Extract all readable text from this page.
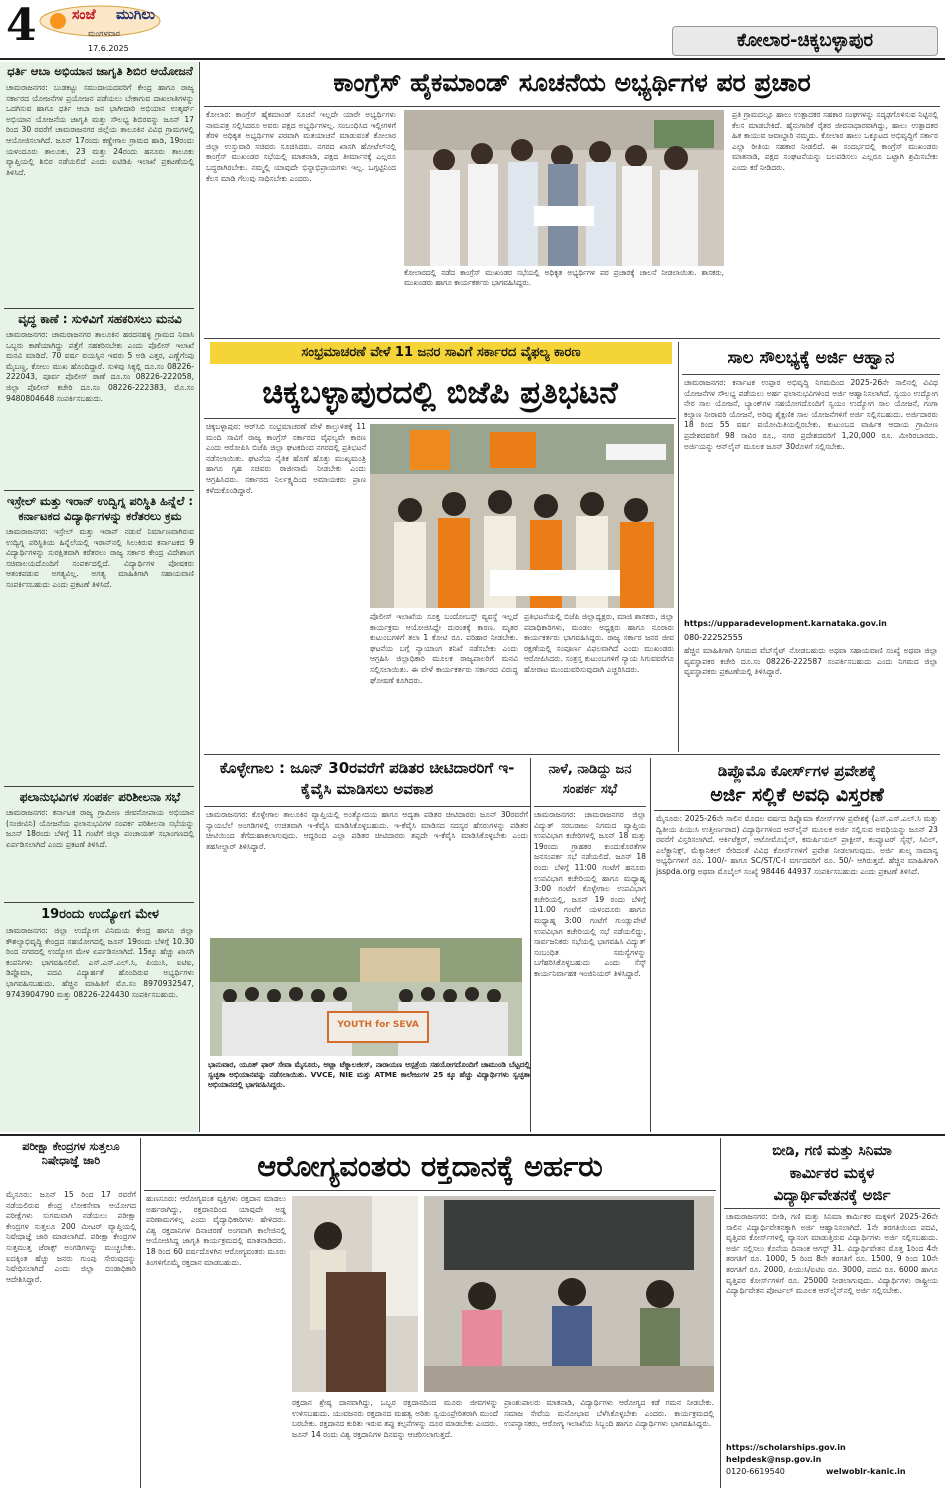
4	ಸಂಜೆ ಮುಗಿಲು
ಮಂಗಳವಾರ
17.6.2025	ಕೋಲಾರ-ಚಿಕ್ಕಬಳ್ಳಾಪುರ
ಧರ್ತಿ ಆಬಾ ಅಭಿಯಾನ ಜಾಗೃತಿ ಶಿಬಿರ ಆಯೋಜನೆ
ಚಾಮರಾಜನಗರ: ಬುಡಕಟ್ಟು ಸಮುದಾಯದವರಿಗೆ ಕೇಂದ್ರ ಹಾಗೂ ರಾಜ್ಯ ಸರ್ಕಾರದ ಯೋಜನೆಗಳ ಪ್ರಯೋಜನ ಪಡೆಯಲು ಬೇಕಾಗುವ ದಾಖಲಾತಿಗಳನ್ನು ಒದಗಿಸುವ ಹಾಗೂ ಧರ್ತಿ ಆಬಾ ಜನ ಭಾಗೀದಾರಿ ಅಭಿಯಾನ ಉತ್ಕರ್ಷ್ ಅಭಿಯಾನ ಯೋಜನೆಯ ಜಾಗೃತಿ ಮತ್ತು ಸೌಲಭ್ಯ ಶಿಬಿರವನ್ನು ಜೂನ್ 17 ರಿಂದ 30 ರವರೆಗೆ ಚಾಮರಾಜನಗರ ಜಿಲ್ಲೆಯ ತಾಲೂಕಿನ ವಿವಿಧ ಗ್ರಾಮಗಳಲ್ಲಿ ಆಯೋಜಿಸಲಾಗಿದೆ. ಜೂನ್ 17ರಂದು ಕಣ್ಣೇಗಾಲ ಗ್ರಾಮದ ಹಾಡಿ, 19ರಂದು ಯಳಂದೂರು ತಾಲೂಕು, 23 ಮತ್ತು 24ರಂದು ಹನೂರು ತಾಲೂಕು ವ್ಯಾಪ್ತಿಯಲ್ಲಿ ಶಿಬಿರ ನಡೆಯಲಿದೆ ಎಂದು ಐಟಿಡಿಪಿ ಇಲಾಖೆ ಪ್ರಕಟಣೆಯಲ್ಲಿ ತಿಳಿಸಿದೆ.
ವೃದ್ಧ ಕಾಣೆ : ಸುಳಿವಿಗೆ ಸಹಕರಿಸಲು ಮನವಿ
ಚಾಮರಾಜನಗರ: ಚಾಮರಾಜನಗರ ತಾಲೂಕಿನ ಹರದನಹಳ್ಳಿ ಗ್ರಾಮದ ನಿವಾಸಿ ಒಬ್ಬರು ಕಾಣೆಯಾಗಿದ್ದು ಪತ್ತೆಗೆ ಸಹಕರಿಸಬೇಕು ಎಂದು ಪೊಲೀಸ್ ಇಲಾಖೆ ಮನವಿ ಮಾಡಿದೆ. 70 ವರ್ಷ ವಯಸ್ಸಿನ ಇವರು 5 ಅಡಿ ಎತ್ತರ, ಎಣ್ಣೆಗೆಂಪು ಮೈಬಣ್ಣ, ಕೋಲು ಮುಖ ಹೊಂದಿದ್ದಾರೆ. ಸುಳಿವು ಸಿಕ್ಕಲ್ಲಿ ದೂ.ಸಂ 08226-222043, ಪೂರ್ವ ಪೊಲೀಸ್ ಠಾಣೆ ದೂ.ಸಂ 08226-222058, ಜಿಲ್ಲಾ ಪೊಲೀಸ್ ಕಚೇರಿ ದೂ.ಸಂ 08226-222383, ಮೊ.ಸಂ 9480804648 ಸಂಪರ್ಕಿಸಬಹುದು.
ಇಸ್ರೇಲ್ ಮತ್ತು ಇರಾನ್ ಉದ್ವಿಗ್ನ ಪರಿಸ್ಥಿತಿ ಹಿನ್ನೆಲೆ : ಕರ್ನಾಟಕದ ವಿದ್ಯಾರ್ಥಿಗಳನ್ನು ಕರೆತರಲು ಕ್ರಮ
ಚಾಮರಾಜನಗರ: ಇಸ್ರೇಲ್ ಮತ್ತು ಇರಾನ್ ನಡುವೆ ನಿರ್ಮಾಣವಾಗಿರುವ ಉದ್ವಿಗ್ನ ಪರಿಸ್ಥಿತಿಯ ಹಿನ್ನೆಲೆಯಲ್ಲಿ ಇರಾನ್‌ನಲ್ಲಿ ಸಿಲುಕಿರುವ ಕರ್ನಾಟಕದ 9 ವಿದ್ಯಾರ್ಥಿಗಳನ್ನು ಸುರಕ್ಷಿತವಾಗಿ ಕರೆತರಲು ರಾಜ್ಯ ಸರ್ಕಾರ ಕೇಂದ್ರ ವಿದೇಶಾಂಗ ಸಚಿವಾಲಯದೊಂದಿಗೆ ಸಂಪರ್ಕದಲ್ಲಿದೆ. ವಿದ್ಯಾರ್ಥಿಗಳ ಪೋಷಕರು ಆತಂಕಪಡುವ ಅಗತ್ಯವಿಲ್ಲ. ಅಗತ್ಯ ಮಾಹಿತಿಗಾಗಿ ಸಹಾಯವಾಣಿ ಸಂಪರ್ಕಿಸಬಹುದು ಎಂದು ಪ್ರಕಟಣೆ ತಿಳಿಸಿದೆ.
ಫಲಾನುಭವಿಗಳ ಸಂಪರ್ಕ ಪರಿಶೀಲನಾ ಸಭೆ
ಚಾಮರಾಜನಗರ: ಕರ್ನಾಟಕ ರಾಜ್ಯ ಗ್ರಾಮೀಣ ಜೀವನೋಪಾಯ ಅಭಿಯಾನ (ಸಂಜೀವಿನಿ) ಯೋಜನೆಯ ಫಲಾನುಭವಿಗಳ ಸಂಪರ್ಕ ಪರಿಶೀಲನಾ ಸಭೆಯನ್ನು ಜೂನ್ 18ರಂದು ಬೆಳಿಗ್ಗೆ 11 ಗಂಟೆಗೆ ಜಿಲ್ಲಾ ಪಂಚಾಯತ್ ಸಭಾಂಗಣದಲ್ಲಿ ಏರ್ಪಡಿಸಲಾಗಿದೆ ಎಂದು ಪ್ರಕಟಣೆ ತಿಳಿಸಿದೆ.
19ರಂದು ಉದ್ಯೋಗ ಮೇಳ
ಚಾಮರಾಜನಗರ: ಜಿಲ್ಲಾ ಉದ್ಯೋಗ ವಿನಿಮಯ ಕೇಂದ್ರ ಹಾಗೂ ಜಿಲ್ಲಾ ಕೌಶಲ್ಯಾಭಿವೃದ್ಧಿ ಕೇಂದ್ರದ ಸಹಯೋಗದಲ್ಲಿ ಜೂನ್ 19ರಂದು ಬೆಳಿಗ್ಗೆ 10.30 ರಿಂದ ನಗರದಲ್ಲಿ ಉದ್ಯೋಗ ಮೇಳ ಏರ್ಪಡಿಸಲಾಗಿದೆ. 15ಕ್ಕೂ ಹೆಚ್ಚು ಖಾಸಗಿ ಕಂಪನಿಗಳು ಭಾಗವಹಿಸಲಿವೆ. ಎಸ್.ಎಸ್.ಎಲ್.ಸಿ, ಪಿಯುಸಿ, ಐಟಿಐ, ಡಿಪ್ಲೊಮಾ, ಪದವಿ ವಿದ್ಯಾರ್ಹತೆ ಹೊಂದಿರುವ ಅಭ್ಯರ್ಥಿಗಳು ಭಾಗವಹಿಸಬಹುದು. ಹೆಚ್ಚಿನ ಮಾಹಿತಿಗೆ ಮೊ.ಸಂ 8970932547, 9743904790 ಮತ್ತು 08226-224430 ಸಂಪರ್ಕಿಸಬಹುದು.
ಕಾಂಗ್ರೆಸ್ ಹೈಕಮಾಂಡ್ ಸೂಚನೆಯ ಅಭ್ಯರ್ಥಿಗಳ ಪರ ಪ್ರಚಾರ
ಕೋಲಾರ: ಕಾಂಗ್ರೆಸ್ ಹೈಕಮಾಂಡ್ ಸೂಚನೆ ಇಲ್ಲದೇ ಯಾರೇ ಅಭ್ಯರ್ಥಿಗಳು ನಾಮಪತ್ರ ಸಲ್ಲಿಸಿದರೂ ಅವರು ಪಕ್ಷದ ಅಭ್ಯರ್ಥಿಗಳಲ್ಲ. ಸಂಬಂಧಿಸಿದ ಇಲ್ಲೀಗಳಿಗೆ ತೆರಳಿ ಅಧಿಕೃತ ಅಭ್ಯರ್ಥಿಗಳ ಪರವಾಗಿ ಮತಯಾಚನೆ ಮಾಡುವಂತೆ ಕೋಲಾರ ಜಿಲ್ಲಾ ಉಸ್ತುವಾರಿ ಸಚಿವರು ಸೂಚಿಸಿದರು. ನಗರದ ಖಾಸಗಿ ಹೋಟೆಲ್‌ನಲ್ಲಿ ಕಾಂಗ್ರೆಸ್ ಮುಖಂಡರ ಸಭೆಯಲ್ಲಿ ಮಾತನಾಡಿ, ಪಕ್ಷದ ತೀರ್ಮಾನಕ್ಕೆ ಎಲ್ಲರೂ ಬದ್ಧರಾಗಿರಬೇಕು. ನಮ್ಮಲ್ಲಿ ಯಾವುದೇ ಭಿನ್ನಾಭಿಪ್ರಾಯಗಳು ಇಲ್ಲ. ಒಗ್ಗಟ್ಟಿನಿಂದ ಕೆಲಸ ಮಾಡಿ ಗೆಲುವು ಸಾಧಿಸಬೇಕು ಎಂದರು.
ಕೋಲಾರದಲ್ಲಿ ನಡೆದ ಕಾಂಗ್ರೆಸ್ ಮುಖಂಡರ ಸಭೆಯಲ್ಲಿ ಅಧಿಕೃತ ಅಭ್ಯರ್ಥಿಗಳ ಪರ ಪ್ರಚಾರಕ್ಕೆ ಚಾಲನೆ ನೀಡಲಾಯಿತು. ಶಾಸಕರು, ಮುಖಂಡರು ಹಾಗೂ ಕಾರ್ಯಕರ್ತರು ಭಾಗವಹಿಸಿದ್ದರು.
ಪ್ರತಿ ಗ್ರಾಮದಲ್ಲೂ ಹಾಲು ಉತ್ಪಾದಕರ ಸಹಕಾರ ಸಂಘಗಳನ್ನು ಸದೃಢಗೊಳಿಸುವ ನಿಟ್ಟಿನಲ್ಲಿ ಕೆಲಸ ಮಾಡಬೇಕಿದೆ. ಹೈನುಗಾರಿಕೆ ರೈತರ ಜೀವನಾಧಾರವಾಗಿದ್ದು, ಹಾಲು ಉತ್ಪಾದಕರ ಹಿತ ಕಾಯುವ ಜವಾಬ್ದಾರಿ ನಮ್ಮದು. ಕೋಲಾರ ಹಾಲು ಒಕ್ಕೂಟದ ಅಭಿವೃದ್ಧಿಗೆ ಸರ್ಕಾರ ಎಲ್ಲಾ ರೀತಿಯ ಸಹಕಾರ ನೀಡಲಿದೆ. ಈ ಸಂದರ್ಭದಲ್ಲಿ ಕಾಂಗ್ರೆಸ್ ಮುಖಂಡರು ಮಾತನಾಡಿ, ಪಕ್ಷದ ಸಂಘಟನೆಯನ್ನು ಬಲಪಡಿಸಲು ಎಲ್ಲರೂ ಒಟ್ಟಾಗಿ ಶ್ರಮಿಸಬೇಕು ಎಂದು ಕರೆ ನೀಡಿದರು.
ಸಂಭ್ರಮಾಚರಣೆ ವೇಳೆ 11 ಜನರ ಸಾವಿಗೆ ಸರ್ಕಾರದ ವೈಫಲ್ಯ ಕಾರಣ
ಚಿಕ್ಕಬಳ್ಳಾಪುರದಲ್ಲಿ ಬಿಜೆಪಿ ಪ್ರತಿಭಟನೆ
ಚಿಕ್ಕಬಳ್ಳಾಪುರ: ಆರ್‌ಸಿಬಿ ಸಂಭ್ರಮಾಚರಣೆ ವೇಳೆ ಕಾಲ್ತುಳಿತಕ್ಕೆ 11 ಮಂದಿ ಸಾವಿಗೆ ರಾಜ್ಯ ಕಾಂಗ್ರೆಸ್ ಸರ್ಕಾರದ ವೈಫಲ್ಯವೇ ಕಾರಣ ಎಂದು ಆರೋಪಿಸಿ ಬಿಜೆಪಿ ಜಿಲ್ಲಾ ಘಟಕದಿಂದ ನಗರದಲ್ಲಿ ಪ್ರತಿಭಟನೆ ನಡೆಸಲಾಯಿತು. ಘಟನೆಯ ನೈತಿಕ ಹೊಣೆ ಹೊತ್ತು ಮುಖ್ಯಮಂತ್ರಿ ಹಾಗೂ ಗೃಹ ಸಚಿವರು ರಾಜೀನಾಮೆ ನೀಡಬೇಕು ಎಂದು ಆಗ್ರಹಿಸಿದರು. ಸರ್ಕಾರದ ನಿರ್ಲಕ್ಷ್ಯದಿಂದ ಅಮಾಯಕರು ಪ್ರಾಣ ಕಳೆದುಕೊಂಡಿದ್ದಾರೆ.
ಪೊಲೀಸ್ ಇಲಾಖೆಯ ಸೂಕ್ತ ಬಂದೋಬಸ್ತ್ ವ್ಯವಸ್ಥೆ ಇಲ್ಲದೆ ಕಾರ್ಯಕ್ರಮ ಆಯೋಜಿಸಿದ್ದೇ ದುರಂತಕ್ಕೆ ಕಾರಣ. ಮೃತರ ಕುಟುಂಬಗಳಿಗೆ ತಲಾ 1 ಕೋಟಿ ರೂ. ಪರಿಹಾರ ನೀಡಬೇಕು. ಘಟನೆಯ ಬಗ್ಗೆ ನ್ಯಾಯಾಂಗ ತನಿಖೆ ನಡೆಸಬೇಕು ಎಂದು ಆಗ್ರಹಿಸಿ ಜಿಲ್ಲಾಧಿಕಾರಿ ಮೂಲಕ ರಾಜ್ಯಪಾಲರಿಗೆ ಮನವಿ ಸಲ್ಲಿಸಲಾಯಿತು. ಈ ವೇಳೆ ಕಾರ್ಯಕರ್ತರು ಸರ್ಕಾರದ ವಿರುದ್ಧ ಘೋಷಣೆ ಕೂಗಿದರು.
ಪ್ರತಿಭಟನೆಯಲ್ಲಿ ಬಿಜೆಪಿ ಜಿಲ್ಲಾಧ್ಯಕ್ಷರು, ಮಾಜಿ ಶಾಸಕರು, ಜಿಲ್ಲಾ ಪದಾಧಿಕಾರಿಗಳು, ಮಂಡಲ ಅಧ್ಯಕ್ಷರು ಹಾಗೂ ನೂರಾರು ಕಾರ್ಯಕರ್ತರು ಭಾಗವಹಿಸಿದ್ದರು. ರಾಜ್ಯ ಸರ್ಕಾರ ಜನರ ಜೀವ ರಕ್ಷಣೆಯಲ್ಲಿ ಸಂಪೂರ್ಣ ವಿಫಲವಾಗಿದೆ ಎಂದು ಮುಖಂಡರು ಆರೋಪಿಸಿದರು. ಸಂತ್ರಸ್ತ ಕುಟುಂಬಗಳಿಗೆ ನ್ಯಾಯ ಸಿಗುವವರೆಗೂ ಹೋರಾಟ ಮುಂದುವರಿಸುವುದಾಗಿ ಎಚ್ಚರಿಸಿದರು.
ಸಾಲ ಸೌಲಭ್ಯಕ್ಕೆ ಅರ್ಜಿ ಆಹ್ವಾನ
ಚಾಮರಾಜನಗರ: ಕರ್ನಾಟಕ ಉಪ್ಪಾರ ಅಭಿವೃದ್ಧಿ ನಿಗಮದಿಂದ 2025-26ನೇ ಸಾಲಿನಲ್ಲಿ ವಿವಿಧ ಯೋಜನೆಗಳ ಸೌಲಭ್ಯ ಪಡೆಯಲು ಅರ್ಹ ಫಲಾನುಭವಿಗಳಿಂದ ಅರ್ಜಿ ಆಹ್ವಾನಿಸಲಾಗಿದೆ. ಸ್ವಯಂ ಉದ್ಯೋಗ ನೇರ ಸಾಲ ಯೋಜನೆ, ಬ್ಯಾಂಕ್‌ಗಳ ಸಹಯೋಗದೊಂದಿಗೆ ಸ್ವಯಂ ಉದ್ಯೋಗ ಸಾಲ ಯೋಜನೆ, ಗಂಗಾ ಕಲ್ಯಾಣ ನೀರಾವರಿ ಯೋಜನೆ, ಅರಿವು ಶೈಕ್ಷಣಿಕ ಸಾಲ ಯೋಜನೆಗಳಿಗೆ ಅರ್ಜಿ ಸಲ್ಲಿಸಬಹುದು. ಅರ್ಜಿದಾರರು 18 ರಿಂದ 55 ವರ್ಷ ವಯೋಮಿತಿಯಲ್ಲಿರಬೇಕು. ಕುಟುಂಬದ ವಾರ್ಷಿಕ ಆದಾಯ ಗ್ರಾಮೀಣ ಪ್ರದೇಶದವರಿಗೆ 98 ಸಾವಿರ ರೂ., ನಗರ ಪ್ರದೇಶದವರಿಗೆ 1,20,000 ರೂ. ಮೀರಿರಬಾರದು. ಅರ್ಜಿಯನ್ನು ಆನ್‌ಲೈನ್ ಮೂಲಕ ಜೂನ್ 30ರೊಳಗೆ ಸಲ್ಲಿಸಬೇಕು.
https://upparadevelopment.karnataka.gov.in
080-22252555
ಹೆಚ್ಚಿನ ಮಾಹಿತಿಗಾಗಿ ನಿಗಮದ ವೆಬ್‌ಸೈಟ್ ನೋಡಬಹುದು ಅಥವಾ ಸಹಾಯವಾಣಿ ಸಂಖ್ಯೆ ಅಥವಾ ಜಿಲ್ಲಾ ವ್ಯವಸ್ಥಾಪಕರ ಕಚೇರಿ ದೂ.ಸಂ 08226-222587 ಸಂಪರ್ಕಿಸಬಹುದು ಎಂದು ನಿಗಮದ ಜಿಲ್ಲಾ ವ್ಯವಸ್ಥಾಪಕರು ಪ್ರಕಟಣೆಯಲ್ಲಿ ತಿಳಿಸಿದ್ದಾರೆ.
ಕೊಳ್ಳೇಗಾಲ : ಜೂನ್ 30ರವರೆಗೆ ಪಡಿತರ ಚೀಟಿದಾರರಿಗೆ ಇ-ಕೈವೈಸಿ ಮಾಡಿಸಲು ಅವಕಾಶ
ಚಾಮರಾಜನಗರ: ಕೊಳ್ಳೇಗಾಲ ತಾಲೂಕಿನ ವ್ಯಾಪ್ತಿಯಲ್ಲಿ ಅಂತ್ಯೋದಯ ಹಾಗೂ ಆದ್ಯತಾ ಪಡಿತರ ಚೀಟಿದಾರರು ಜೂನ್ 30ರವರೆಗೆ ನ್ಯಾಯಬೆಲೆ ಅಂಗಡಿಗಳಲ್ಲಿ ಉಚಿತವಾಗಿ ಇ-ಕೆವೈಸಿ ಮಾಡಿಸಿಕೊಳ್ಳಬಹುದು. ಇ-ಕೆವೈಸಿ ಮಾಡಿಸದ ಸದಸ್ಯರ ಹೆಸರುಗಳನ್ನು ಪಡಿತರ ಚೀಟಿಯಿಂದ ತೆಗೆದುಹಾಕಲಾಗುವುದು. ಆದ್ದರಿಂದ ಎಲ್ಲಾ ಪಡಿತರ ಚೀಟಿದಾರರು ತಪ್ಪದೇ ಇ-ಕೆವೈಸಿ ಮಾಡಿಸಿಕೊಳ್ಳಬೇಕು ಎಂದು ತಹಸೀಲ್ದಾರ್ ತಿಳಿಸಿದ್ದಾರೆ.
YOUTH for SEVA
ಭಾನುವಾರ, ಯೂತ್ ಫಾರ್ ಸೇವಾ ಮೈಸೂರು, ಅಟ್ಲಾ ಟೆಕ್ನಾಲಜೀಸ್, ನಾರಾಯಣ ಆಸ್ಪತ್ರೆಯ ಸಹಯೋಗದೊಂದಿಗೆ ಚಾಮುಂಡಿ ಬೆಟ್ಟದಲ್ಲಿ ಸ್ವಚ್ಛತಾ ಅಭಿಯಾನವನ್ನು ನಡೆಸಲಾಯಿತು. VVCE, NIE ಮತ್ತು ATME ಕಾಲೇಜುಗಳ 25 ಕ್ಕೂ ಹೆಚ್ಚು ವಿದ್ಯಾರ್ಥಿಗಳು ಸ್ವಚ್ಛತಾ ಅಭಿಯಾನದಲ್ಲಿ ಭಾಗವಹಿಸಿದ್ದರು.
ನಾಳೆ, ನಾಡಿದ್ದು ಜನ ಸಂಪರ್ಕ ಸಭೆ
ಚಾಮರಾಜನಗರ: ಚಾಮರಾಜನಗರ ಜಿಲ್ಲಾ ವಿದ್ಯುತ್ ಸರಬರಾಜು ನಿಗಮದ ವ್ಯಾಪ್ತಿಯ ಉಪವಿಭಾಗ ಕಚೇರಿಗಳಲ್ಲಿ ಜೂನ್ 18 ಮತ್ತು 19ರಂದು ಗ್ರಾಹಕರ ಕುಂದುಕೊರತೆಗಳ ಜನಸಂಪರ್ಕ ಸಭೆ ನಡೆಯಲಿದೆ. ಜೂನ್ 18 ರಂದು ಬೆಳಿಗ್ಗೆ 11:00 ಗಂಟೆಗೆ ಹನೂರು ಉಪವಿಭಾಗ ಕಚೇರಿಯಲ್ಲಿ ಹಾಗೂ ಮಧ್ಯಾಹ್ನ 3:00 ಗಂಟೆಗೆ ಕೊಳ್ಳೇಗಾಲ ಉಪವಿಭಾಗ ಕಚೇರಿಯಲ್ಲಿ, ಜೂನ್ 19 ರಂದು ಬೆಳಿಗ್ಗೆ 11.00 ಗಂಟೆಗೆ ಯಳಂದೂರು ಹಾಗೂ ಮಧ್ಯಾಹ್ನ 3:00 ಗಂಟೆಗೆ ಗುಂಡ್ಲುಪೇಟೆ ಉಪವಿಭಾಗ ಕಚೇರಿಯಲ್ಲಿ ಸಭೆ ನಡೆಯಲಿದ್ದು, ಸಾರ್ವಜನಿಕರು ಸಭೆಯಲ್ಲಿ ಭಾಗವಹಿಸಿ ವಿದ್ಯುತ್ ಸಂಬಂಧಿತ ಸಮಸ್ಯೆಗಳನ್ನು ಬಗೆಹರಿಸಿಕೊಳ್ಳಬಹುದು ಎಂದು ಸೆಸ್ಕ್ ಕಾರ್ಯನಿರ್ವಾಹಕ ಇಂಜಿನಿಯರ್ ತಿಳಿಸಿದ್ದಾರೆ.
ಡಿಪ್ಲೊಮೊ ಕೋರ್ಸ್‌ಗಳ ಪ್ರವೇಶಕ್ಕೆ
ಅರ್ಜಿ ಸಲ್ಲಿಕೆ ಅವಧಿ ವಿಸ್ತರಣೆ
ಮೈಸೂರು: 2025-26ನೇ ಸಾಲಿನ ಮೊದಲ ವರ್ಷದ ಡಿಪ್ಲೊಮಾ ಕೋರ್ಸ್‌ಗಳ ಪ್ರವೇಶಕ್ಕೆ (ಎಸ್.ಎಸ್.ಎಲ್.ಸಿ ಮತ್ತು ದ್ವಿತೀಯ ಪಿಯುಸಿ ಉತ್ತೀರ್ಣರಾದ) ವಿದ್ಯಾರ್ಥಿಗಳಿಂದ ಆನ್‌ಲೈನ್ ಮೂಲಕ ಅರ್ಜಿ ಸಲ್ಲಿಸುವ ಅವಧಿಯನ್ನು ಜೂನ್ 23 ರವರೆಗೆ ವಿಸ್ತರಿಸಲಾಗಿದೆ. ಆರ್ಕಿಟೆಕ್ಚರ್, ಆಟೋಮೊಬೈಲ್, ಕಮರ್ಷಿಯಲ್ ಪ್ರಾಕ್ಟೀಸ್, ಕಂಪ್ಯೂಟರ್ ಸೈನ್ಸ್, ಸಿವಿಲ್, ಎಲೆಕ್ಟ್ರಾನಿಕ್ಸ್, ಮೆಕ್ಯಾನಿಕಲ್ ಸೇರಿದಂತೆ ವಿವಿಧ ಕೋರ್ಸ್‌ಗಳಿಗೆ ಪ್ರವೇಶ ನೀಡಲಾಗುವುದು. ಅರ್ಜಿ ಶುಲ್ಕ ಸಾಮಾನ್ಯ ಅಭ್ಯರ್ಥಿಗಳಿಗೆ ರೂ. 100/- ಹಾಗೂ SC/ST/C-I ವರ್ಗದವರಿಗೆ ರೂ. 50/- ಆಗಿರುತ್ತದೆ. ಹೆಚ್ಚಿನ ಮಾಹಿತಿಗಾಗಿ jsspda.org ಅಥವಾ ಮೊಬೈಲ್ ಸಂಖ್ಯೆ 98446 44937 ಸಂಪರ್ಕಿಸಬಹುದು ಎಂದು ಪ್ರಕಟಣೆ ತಿಳಿಸಿದೆ.
ಪರೀಕ್ಷಾ ಕೇಂದ್ರಗಳ ಸುತ್ತಲೂ ನಿಷೇಧಾಜ್ಞೆ ಜಾರಿ
ಮೈಸೂರು: ಜೂನ್ 15 ರಿಂದ 17 ರವರೆಗೆ ನಡೆಯಲಿರುವ ಕೇಂದ್ರ ಲೋಕಸೇವಾ ಆಯೋಗದ ಪರೀಕ್ಷೆಗಳು ಸುಗಮವಾಗಿ ನಡೆಯಲು ಪರೀಕ್ಷಾ ಕೇಂದ್ರಗಳ ಸುತ್ತಲೂ 200 ಮೀಟರ್ ವ್ಯಾಪ್ತಿಯಲ್ಲಿ ನಿಷೇಧಾಜ್ಞೆ ಜಾರಿ ಮಾಡಲಾಗಿದೆ. ಪರೀಕ್ಷಾ ಕೇಂದ್ರಗಳ ಸುತ್ತಮುತ್ತ ಜೆರಾಕ್ಸ್ ಅಂಗಡಿಗಳನ್ನು ಮುಚ್ಚಬೇಕು. ಐದಕ್ಕಿಂತ ಹೆಚ್ಚು ಜನರು ಗುಂಪು ಸೇರುವುದನ್ನು ನಿಷೇಧಿಸಲಾಗಿದೆ ಎಂದು ಜಿಲ್ಲಾ ದಂಡಾಧಿಕಾರಿ ಆದೇಶಿಸಿದ್ದಾರೆ.
ಆರೋಗ್ಯವಂತರು ರಕ್ತದಾನಕ್ಕೆ ಅರ್ಹರು
ಹುಣಸೂರು: ಆರೋಗ್ಯವಂತ ವ್ಯಕ್ತಿಗಳು ರಕ್ತದಾನ ಮಾಡಲು ಅರ್ಹರಾಗಿದ್ದು, ರಕ್ತದಾನದಿಂದ ಯಾವುದೇ ಅಡ್ಡ ಪರಿಣಾಮಗಳಿಲ್ಲ ಎಂದು ವೈದ್ಯಾಧಿಕಾರಿಗಳು ಹೇಳಿದರು. ವಿಶ್ವ ರಕ್ತದಾನಿಗಳ ದಿನಾಚರಣೆ ಅಂಗವಾಗಿ ಕಾಲೇಜಿನಲ್ಲಿ ಆಯೋಜಿಸಿದ್ದ ಜಾಗೃತಿ ಕಾರ್ಯಕ್ರಮದಲ್ಲಿ ಮಾತನಾಡಿದರು. 18 ರಿಂದ 60 ವರ್ಷದೊಳಗಿನ ಆರೋಗ್ಯವಂತರು ಮೂರು ತಿಂಗಳಿಗೊಮ್ಮೆ ರಕ್ತದಾನ ಮಾಡಬಹುದು.
ರಕ್ತದಾನ ಶ್ರೇಷ್ಠ ದಾನವಾಗಿದ್ದು, ಒಬ್ಬರ ರಕ್ತದಾನದಿಂದ ಮೂರು ಜೀವಗಳನ್ನು ಉಳಿಸಬಹುದು. ಯುವಜನರು ರಕ್ತದಾನದ ಮಹತ್ವ ಅರಿತು ಸ್ವಯಂಪ್ರೇರಿತರಾಗಿ ಮುಂದೆ ಬರಬೇಕು. ರಕ್ತದಾನದ ಕುರಿತು ಇರುವ ತಪ್ಪು ಕಲ್ಪನೆಗಳನ್ನು ದೂರ ಮಾಡಬೇಕು ಎಂದರು. ಜೂನ್ 14 ರಂದು ವಿಶ್ವ ರಕ್ತದಾನಿಗಳ ದಿನವನ್ನು ಆಚರಿಸಲಾಗುತ್ತದೆ.
ಪ್ರಾಂಶುಪಾಲರು ಮಾತನಾಡಿ, ವಿದ್ಯಾರ್ಥಿಗಳು ಆರೋಗ್ಯದ ಕಡೆ ಗಮನ ನೀಡಬೇಕು. ಸಮಾಜ ಸೇವೆಯ ಮನೋಭಾವ ಬೆಳೆಸಿಕೊಳ್ಳಬೇಕು ಎಂದರು. ಕಾರ್ಯಕ್ರಮದಲ್ಲಿ ಉಪನ್ಯಾಸಕರು, ಆರೋಗ್ಯ ಇಲಾಖೆಯ ಸಿಬ್ಬಂದಿ ಹಾಗೂ ವಿದ್ಯಾರ್ಥಿಗಳು ಭಾಗವಹಿಸಿದ್ದರು.
ಬೀಡಿ, ಗಣಿ ಮತ್ತು ಸಿನಿಮಾ
ಕಾರ್ಮಿಕರ ಮಕ್ಕಳ
ವಿದ್ಯಾರ್ಥಿವೇತನಕ್ಕೆ ಅರ್ಜಿ
ಚಾಮರಾಜನಗರ: ಬೀಡಿ, ಗಣಿ ಮತ್ತು ಸಿನಿಮಾ ಕಾರ್ಮಿಕರ ಮಕ್ಕಳಿಗೆ 2025-26ನೇ ಸಾಲಿನ ವಿದ್ಯಾರ್ಥಿವೇತನಕ್ಕಾಗಿ ಅರ್ಜಿ ಆಹ್ವಾನಿಸಲಾಗಿದೆ. 1ನೇ ತರಗತಿಯಿಂದ ಪದವಿ, ವೃತ್ತಿಪರ ಕೋರ್ಸ್‌ಗಳಲ್ಲಿ ವ್ಯಾಸಂಗ ಮಾಡುತ್ತಿರುವ ವಿದ್ಯಾರ್ಥಿಗಳು ಅರ್ಜಿ ಸಲ್ಲಿಸಬಹುದು. ಅರ್ಜಿ ಸಲ್ಲಿಸಲು ಕೊನೆಯ ದಿನಾಂಕ ಆಗಸ್ಟ್ 31. ವಿದ್ಯಾರ್ಥಿವೇತನ ಮೊತ್ತ 1ರಿಂದ 4ನೇ ತರಗತಿಗೆ ರೂ. 1000, 5 ರಿಂದ 8ನೇ ತರಗತಿಗೆ ರೂ. 1500, 9 ರಿಂದ 10ನೇ ತರಗತಿಗೆ ರೂ. 2000, ಪಿಯುಸಿ/ಐಟಿಐ ರೂ. 3000, ಪದವಿ ರೂ. 6000 ಹಾಗೂ ವೃತ್ತಿಪರ ಕೋರ್ಸ್‌ಗಳಿಗೆ ರೂ. 25000 ನೀಡಲಾಗುವುದು. ವಿದ್ಯಾರ್ಥಿಗಳು ರಾಷ್ಟ್ರೀಯ ವಿದ್ಯಾರ್ಥಿವೇತನ ಪೋರ್ಟಲ್ ಮೂಲಕ ಆನ್‌ಲೈನ್‌ನಲ್ಲಿ ಅರ್ಜಿ ಸಲ್ಲಿಸಬೇಕು.
https://scholarships.gov.in
helpdesk@nsp.gov.in
0120-6619540	welwoblr-kanic.in
